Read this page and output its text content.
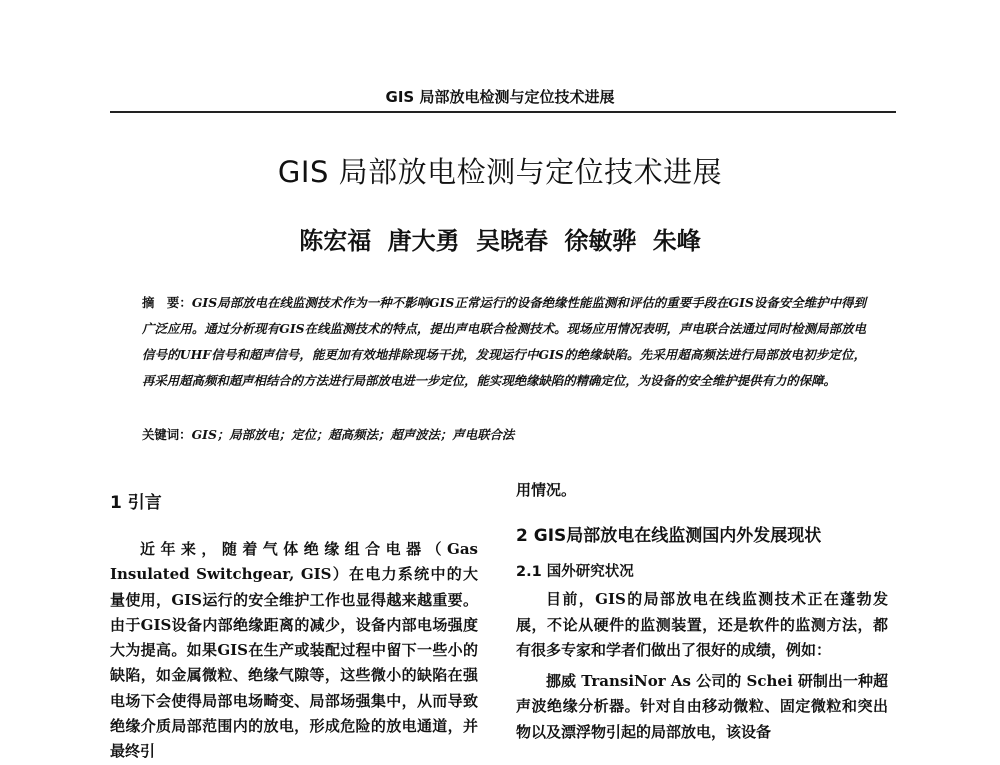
GIS 局部放电检测与定位技术进展
GIS 局部放电检测与定位技术进展
陈宏福 唐大勇 吴晓春 徐敏骅 朱峰
摘　要：GIS局部放电在线监测技术作为一种不影响GIS正常运行的设备绝缘性能监测和评估的重要手段在GIS设备安全维护中得到广泛应用。通过分析现有GIS在线监测技术的特点，提出声电联合检测技术。现场应用情况表明，声电联合法通过同时检测局部放电信号的UHF信号和超声信号，能更加有效地排除现场干扰，发现运行中GIS的绝缘缺陷。先采用超高频法进行局部放电初步定位，再采用超高频和超声相结合的方法进行局部放电进一步定位，能实现绝缘缺陷的精确定位，为设备的安全维护提供有力的保障。
关键词：GIS；局部放电；定位；超高频法；超声波法；声电联合法
1 引言

近年来，随着气体绝缘组合电器（Gas Insulated Switchgear, GIS）在电力系统中的大量使用，GIS运行的安全维护工作也显得越来越重要。由于GIS设备内部绝缘距离的减少，设备内部电场强度大为提高。如果GIS在生产或装配过程中留下一些小的缺陷，如金属微粒、绝缘气隙等，这些微小的缺陷在强电场下会使得局部电场畸变、局部场强集中，从而导致绝缘介质局部范围内的放电，形成危险的放电通道，并最终引

用情况。

2 GIS局部放电在线监测国内外发展现状
2.1 国外研究状况

目前，GIS的局部放电在线监测技术正在蓬勃发展，不论从硬件的监测装置，还是软件的监测方法，都有很多专家和学者们做出了很好的成绩，例如：

挪威 TransiNor As 公司的 Schei 研制出一种超声波绝缘分析器。针对自由移动微粒、固定微粒和突出物以及漂浮物引起的局部放电，该设备
